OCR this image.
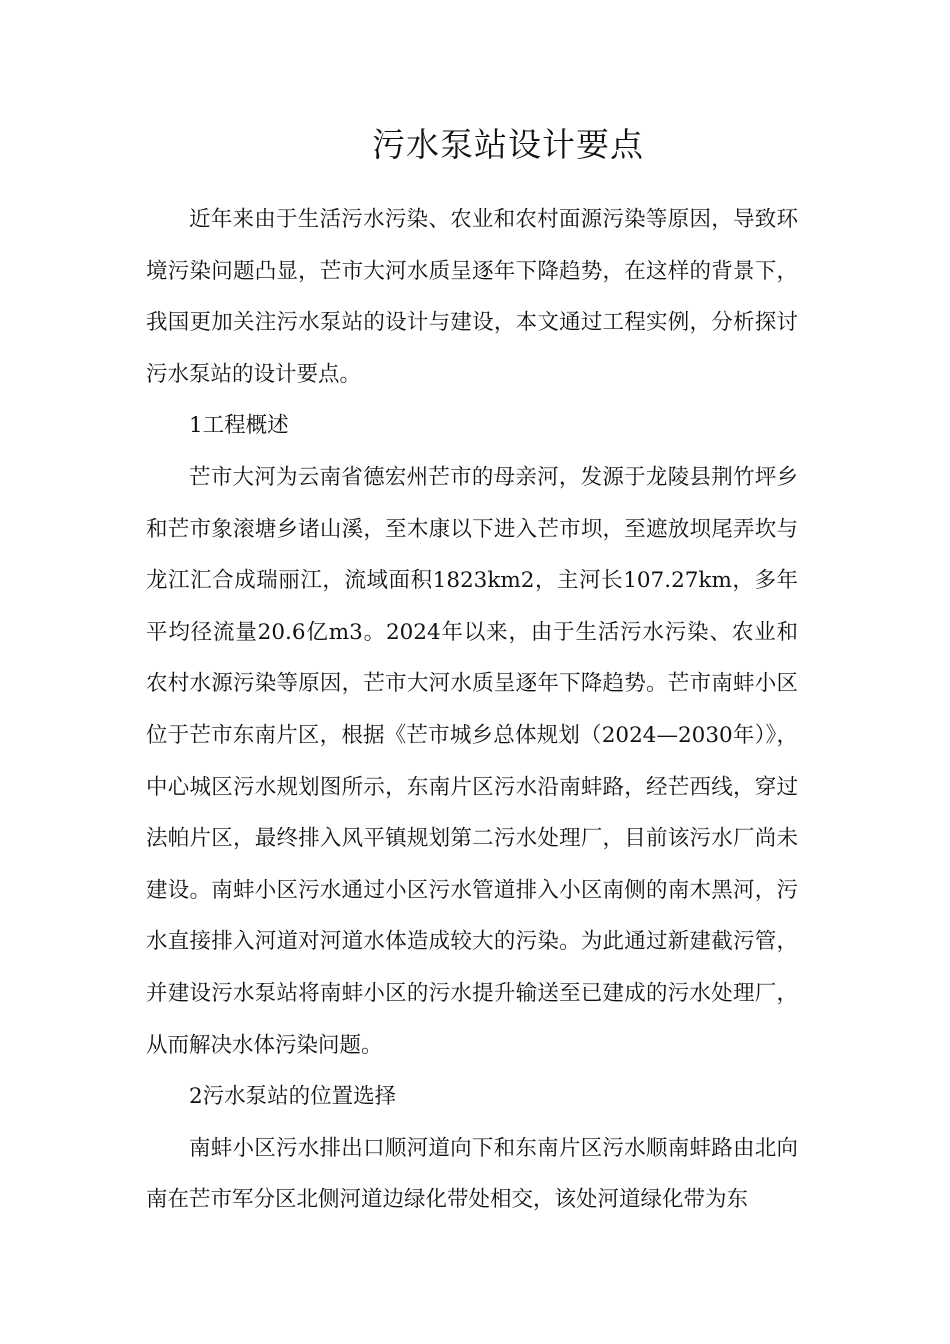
污水泵站设计要点

近年来由于生活污水污染、农业和农村面源污染等原因，导致环境污染问题凸显，芒市大河水质呈逐年下降趋势，在这样的背景下，我国更加关注污水泵站的设计与建设，本文通过工程实例，分析探讨污水泵站的设计要点。

1工程概述

芒市大河为云南省德宏州芒市的母亲河，发源于龙陵县荆竹坪乡和芒市象滚塘乡诸山溪，至木康以下进入芒市坝，至遮放坝尾弄坎与龙江汇合成瑞丽江，流域面积1823km2，主河长107.27km，多年平均径流量20.6亿m3。2024年以来，由于生活污水污染、农业和农村水源污染等原因，芒市大河水质呈逐年下降趋势。芒市南蚌小区位于芒市东南片区，根据《芒市城乡总体规划（2024—2030年）》，中心城区污水规划图所示，东南片区污水沿南蚌路，经芒西线，穿过法帕片区，最终排入风平镇规划第二污水处理厂，目前该污水厂尚未建设。南蚌小区污水通过小区污水管道排入小区南侧的南木黑河，污水直接排入河道对河道水体造成较大的污染。为此通过新建截污管，并建设污水泵站将南蚌小区的污水提升输送至已建成的污水处理厂，从而解决水体污染问题。

2污水泵站的位置选择

南蚌小区污水排出口顺河道向下和东南片区污水顺南蚌路由北向南在芒市军分区北侧河道边绿化带处相交，该处河道绿化带为东
